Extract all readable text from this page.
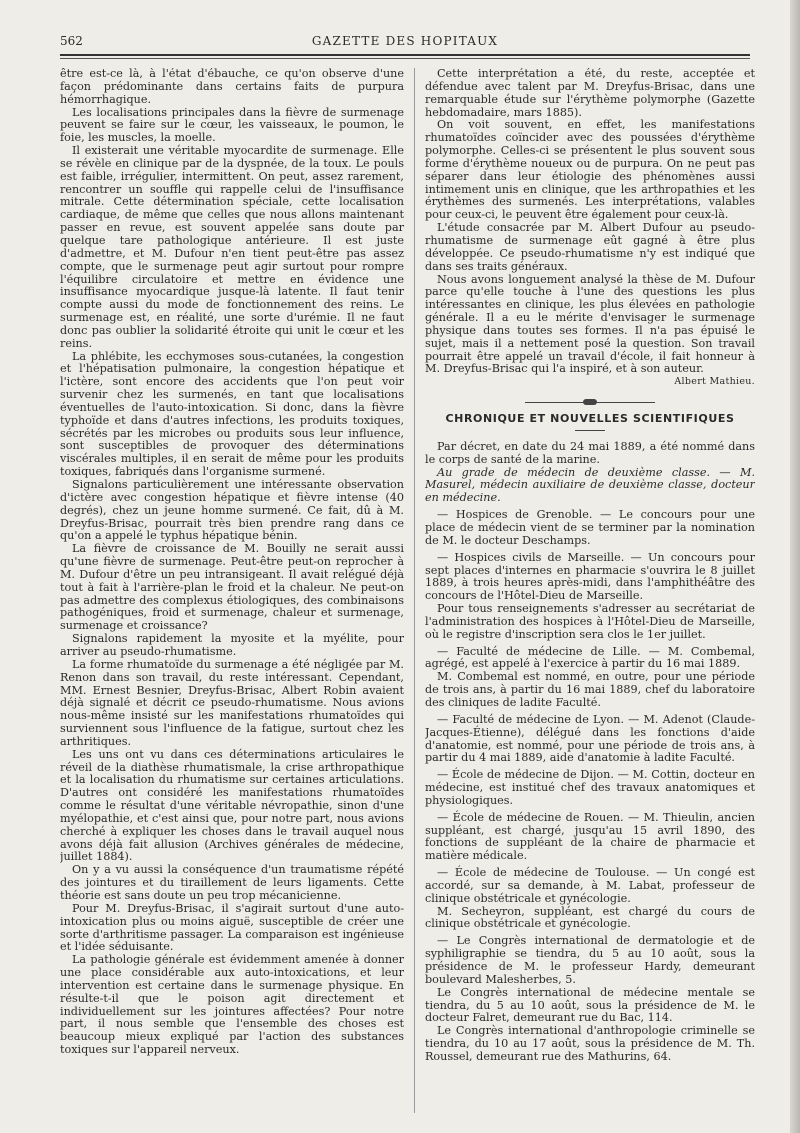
562	GAZETTE DES HOPITAUX

être est-ce là, à l'état d'ébauche, ce qu'on observe d'une façon prédominante dans certains faits de purpura hémorrhagique.

Les localisations principales dans la fièvre de surmenage peuvent se faire sur le cœur, les vaisseaux, le poumon, le foie, les muscles, la moelle.

Il existerait une véritable myocardite de surmenage. Elle se révèle en clinique par de la dyspnée, de la toux. Le pouls est faible, irrégulier, intermittent. On peut, assez rarement, rencontrer un souffle qui rappelle celui de l'insuffisance mitrale. Cette détermination spéciale, cette localisation cardiaque, de même que celles que nous allons maintenant passer en revue, est souvent appelée sans doute par quelque tare pathologique antérieure. Il est juste d'admettre, et M. Dufour n'en tient peut-être pas assez compte, que le surmenage peut agir surtout pour rompre l'équilibre circulatoire et mettre en évidence une insuffisance myocardique jusque-là latente. Il faut tenir compte aussi du mode de fonctionnement des reins. Le surmenage est, en réalité, une sorte d'urémie. Il ne faut donc pas oublier la solidarité étroite qui unit le cœur et les reins.

La phlébite, les ecchymoses sous-cutanées, la congestion et l'hépatisation pulmonaire, la congestion hépatique et l'ictère, sont encore des accidents que l'on peut voir survenir chez les surmenés, en tant que localisations éventuelles de l'auto-intoxication. Si donc, dans la fièvre typhoïde et dans d'autres infections, les produits toxiques, sécrétés par les microbes ou produits sous leur influence, sont susceptibles de provoquer des déterminations viscérales multiples, il en serait de même pour les produits toxiques, fabriqués dans l'organisme surmené.

Signalons particulièrement une intéressante observation d'ictère avec congestion hépatique et fièvre intense (40 degrés), chez un jeune homme surmené. Ce fait, dû à M. Dreyfus-Brisac, pourrait très bien prendre rang dans ce qu'on a appelé le typhus hépatique bénin.

La fièvre de croissance de M. Bouilly ne serait aussi qu'une fièvre de surmenage. Peut-être peut-on reprocher à M. Dufour d'être un peu intransigeant. Il avait relégué déjà tout à fait à l'arrière-plan le froid et la chaleur. Ne peut-on pas admettre des complexus étiologiques, des combinaisons pathogéniques, froid et surmenage, chaleur et surmenage, surmenage et croissance?

Signalons rapidement la myosite et la myélite, pour arriver au pseudo-rhumatisme.

La forme rhumatoïde du surmenage a été négligée par M. Renon dans son travail, du reste intéressant. Cependant, MM. Ernest Besnier, Dreyfus-Brisac, Albert Robin avaient déjà signalé et décrit ce pseudo-rhumatisme. Nous avions nous-même insisté sur les manifestations rhumatoïdes qui surviennent sous l'influence de la fatigue, surtout chez les arthritiques.

Les uns ont vu dans ces déterminations articulaires le réveil de la diathèse rhumatismale, la crise arthropathique et la localisation du rhumatisme sur certaines articulations. D'autres ont considéré les manifestations rhumatoïdes comme le résultat d'une véritable névropathie, sinon d'une myélopathie, et c'est ainsi que, pour notre part, nous avions cherché à expliquer les choses dans le travail auquel nous avons déjà fait allusion (Archives générales de médecine, juillet 1884).

On y a vu aussi la conséquence d'un traumatisme répété des jointures et du tiraillement de leurs ligaments. Cette théorie est sans doute un peu trop mécanicienne.

Pour M. Dreyfus-Brisac, il s'agirait surtout d'une auto-intoxication plus ou moins aiguë, susceptible de créer une sorte d'arthritisme passager. La comparaison est ingénieuse et l'idée séduisante.

La pathologie générale est évidemment amenée à donner une place considérable aux auto-intoxications, et leur intervention est certaine dans le surmenage physique. En résulte-t-il que le poison agit directement et individuellement sur les jointures affectées? Pour notre part, il nous semble que l'ensemble des choses est beaucoup mieux expliqué par l'action des substances toxiques sur l'appareil nerveux.

Cette interprétation a été, du reste, acceptée et défendue avec talent par M. Dreyfus-Brisac, dans une remarquable étude sur l'érythème polymorphe (Gazette hebdomadaire, mars 1885).

On voit souvent, en effet, les manifestations rhumatoïdes coïncider avec des poussées d'érythème polymorphe. Celles-ci se présentent le plus souvent sous forme d'érythème noueux ou de purpura. On ne peut pas séparer dans leur étiologie des phénomènes aussi intimement unis en clinique, que les arthropathies et les érythèmes des surmenés. Les interprétations, valables pour ceux-ci, le peuvent être également pour ceux-là.

L'étude consacrée par M. Albert Dufour au pseudo-rhumatisme de surmenage eût gagné à être plus développée. Ce pseudo-rhumatisme n'y est indiqué que dans ses traits généraux.

Nous avons longuement analysé la thèse de M. Dufour parce qu'elle touche à l'une des questions les plus intéressantes en clinique, les plus élevées en pathologie générale. Il a eu le mérite d'envisager le surmenage physique dans toutes ses formes. Il n'a pas épuisé le sujet, mais il a nettement posé la question. Son travail pourrait être appelé un travail d'école, il fait honneur à M. Dreyfus-Brisac qui l'a inspiré, et à son auteur.

Albert Mathieu.

CHRONIQUE ET NOUVELLES SCIENTIFIQUES

Par décret, en date du 24 mai 1889, a été nommé dans le corps de santé de la marine.

Au grade de médecin de deuxième classe. — M. Masurel, médecin auxiliaire de deuxième classe, docteur en médecine.

— Hospices de Grenoble. — Le concours pour une place de médecin vient de se terminer par la nomination de M. le docteur Deschamps.

— Hospices civils de Marseille. — Un concours pour sept places d'internes en pharmacie s'ouvrira le 8 juillet 1889, à trois heures après-midi, dans l'amphithéâtre des concours de l'Hôtel-Dieu de Marseille.

Pour tous renseignements s'adresser au secrétariat de l'administration des hospices à l'Hôtel-Dieu de Marseille, où le registre d'inscription sera clos le 1er juillet.

— Faculté de médecine de Lille. — M. Combemal, agrégé, est appelé à l'exercice à partir du 16 mai 1889.

M. Combemal est nommé, en outre, pour une période de trois ans, à partir du 16 mai 1889, chef du laboratoire des cliniques de ladite Faculté.

— Faculté de médecine de Lyon. — M. Adenot (Claude-Jacques-Étienne), délégué dans les fonctions d'aide d'anatomie, est nommé, pour une période de trois ans, à partir du 4 mai 1889, aide d'anatomie à ladite Faculté.

— École de médecine de Dijon. — M. Cottin, docteur en médecine, est institué chef des travaux anatomiques et physiologiques.

— École de médecine de Rouen. — M. Thieulin, ancien suppléant, est chargé, jusqu'au 15 avril 1890, des fonctions de suppléant de la chaire de pharmacie et matière médicale.

— École de médecine de Toulouse. — Un congé est accordé, sur sa demande, à M. Labat, professeur de clinique obstétricale et gynécologie.

M. Secheyron, suppléant, est chargé du cours de clinique obstétricale et gynécologie.

— Le Congrès international de dermatologie et de syphiligraphie se tiendra, du 5 au 10 août, sous la présidence de M. le professeur Hardy, demeurant boulevard Malesherbes, 5.

Le Congrès international de médecine mentale se tiendra, du 5 au 10 août, sous la présidence de M. le docteur Falret, demeurant rue du Bac, 114.

Le Congrès international d'anthropologie criminelle se tiendra, du 10 au 17 août, sous la présidence de M. Th. Roussel, demeurant rue des Mathurins, 64.
